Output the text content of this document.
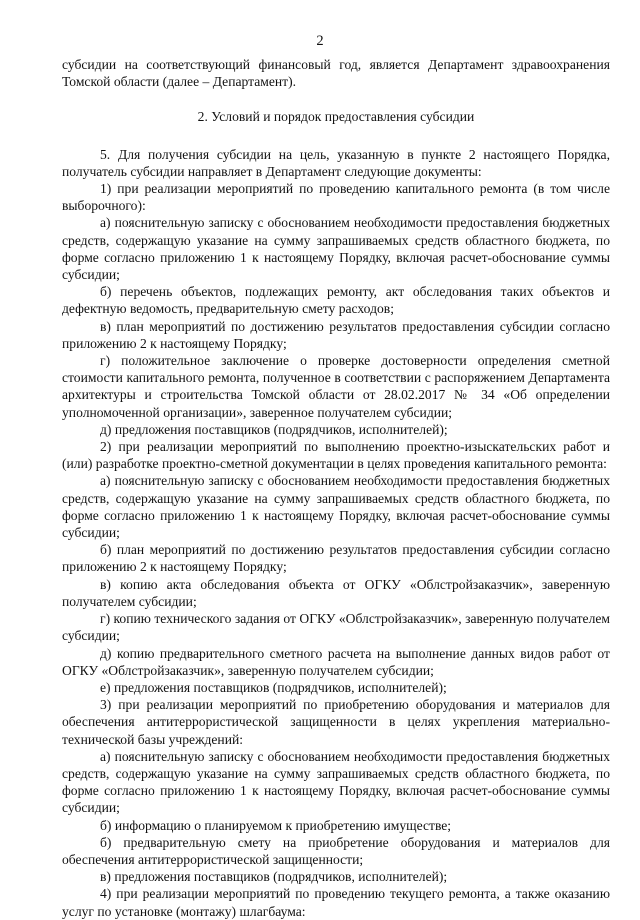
2

субсидии на соответствующий финансовый год, является Департамент здравоохранения Томской области (далее – Департамент).

2. Условий и порядок предоставления субсидии

5. Для получения субсидии на цель, указанную в пункте 2 настоящего Порядка, получатель субсидии направляет в Департамент следующие документы:

1) при реализации мероприятий по проведению капитального ремонта (в том числе выборочного):

а) пояснительную записку с обоснованием необходимости предоставления бюджетных средств, содержащую указание на сумму запрашиваемых средств областного бюджета, по форме согласно приложению 1 к настоящему Порядку, включая расчет-обоснование суммы субсидии;

б) перечень объектов, подлежащих ремонту, акт обследования таких объектов и дефектную ведомость, предварительную смету расходов;

в) план мероприятий по достижению результатов предоставления субсидии согласно приложению 2 к настоящему Порядку;

г) положительное заключение о проверке достоверности определения сметной стоимости капитального ремонта, полученное в соответствии с распоряжением Департамента архитектуры и строительства Томской области от 28.02.2017 № 34 «Об определении уполномоченной организации», заверенное получателем субсидии;

д) предложения поставщиков (подрядчиков, исполнителей);

2) при реализации мероприятий по выполнению проектно-изыскательских работ и (или) разработке проектно-сметной документации в целях проведения капитального ремонта:

а) пояснительную записку с обоснованием необходимости предоставления бюджетных средств, содержащую указание на сумму запрашиваемых средств областного бюджета, по форме согласно приложению 1 к настоящему Порядку, включая расчет-обоснование суммы субсидии;

б) план мероприятий по достижению результатов предоставления субсидии согласно приложению 2 к настоящему Порядку;

в) копию акта обследования объекта от ОГКУ «Облстройзаказчик», заверенную получателем субсидии;

г) копию технического задания от ОГКУ «Облстройзаказчик», заверенную получателем субсидии;

д) копию предварительного сметного расчета на выполнение данных видов работ от ОГКУ «Облстройзаказчик», заверенную получателем субсидии;

е) предложения поставщиков (подрядчиков, исполнителей);

3) при реализации мероприятий по приобретению оборудования и материалов для обеспечения антитеррористической защищенности в целях укрепления материально-технической базы учреждений:

а) пояснительную записку с обоснованием необходимости предоставления бюджетных средств, содержащую указание на сумму запрашиваемых средств областного бюджета, по форме согласно приложению 1 к настоящему Порядку, включая расчет-обоснование суммы субсидии;

б) информацию о планируемом к приобретению имуществе;

б) предварительную смету на приобретение оборудования и материалов для обеспечения антитеррористической защищенности;

в) предложения поставщиков (подрядчиков, исполнителей);

4) при реализации мероприятий по проведению текущего ремонта, а также оказанию услуг по установке (монтажу) шлагбаума:
